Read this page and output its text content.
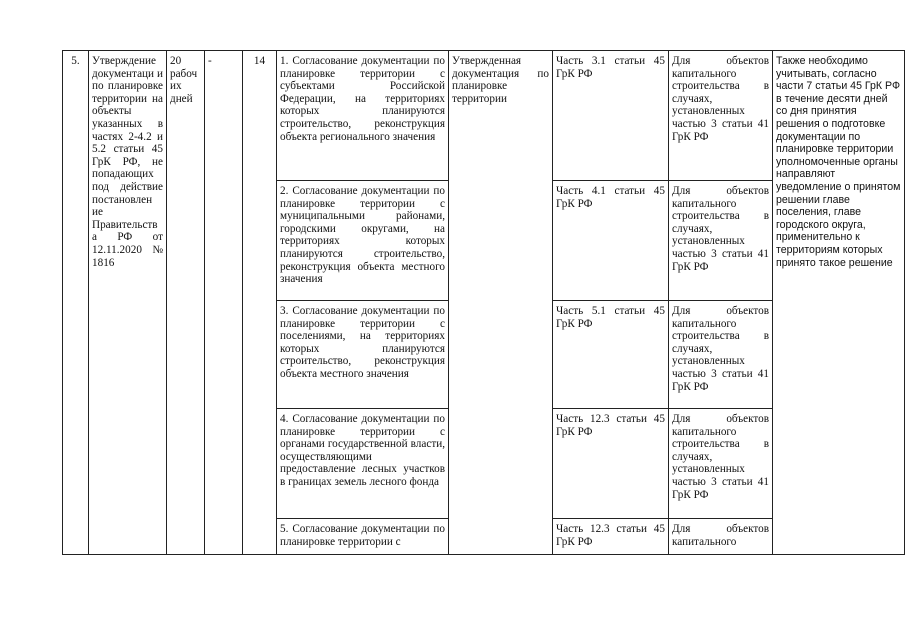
5.	Утверждение документаци и по планировке территории на объекты указанных в частях 2-4.2 и 5.2 статьи 45 ГрК РФ, не попадающих под действие постановлен ие Правительств а РФ от 12.11.2020 № 1816	20 рабоч их дней	-	14	1. Согласование документации по планировке территории с субъектами Российской Федерации, на территориях которых планируются строительство, реконструкция объекта регионального значения	Утвержденная документация по планировке территории	Часть 3.1 статьи 45 ГрК РФ	Для объектов капитального строительства в случаях, установленных частью 3 статьи 41 ГрК РФ	Также необходимо учитывать, согласно части 7 статьи 45 ГрК РФ в течение десяти дней со дня принятия решения о подготовке документации по планировке территории уполномоченные органы направляют уведомление о принятом решении главе поселения, главе городского округа, применительно к территориям которых принято такое решение
					2. Согласование документации по планировке территории с муниципальными районами, городскими округами, на территориях которых планируются строительство, реконструкция объекта местного значения		Часть 4.1 статьи 45 ГрК РФ	Для объектов капитального строительства в случаях, установленных частью 3 статьи 41 ГрК РФ	
					3. Согласование документации по планировке территории с поселениями, на территориях которых планируются строительство, реконструкция объекта местного значения		Часть 5.1 статьи 45 ГрК РФ	Для объектов капитального строительства в случаях, установленных частью 3 статьи 41 ГрК РФ	
					4. Согласование документации по планировке территории с органами государственной власти, осуществляющими предоставление лесных участков в границах земель лесного фонда		Часть 12.3 статьи 45 ГрК РФ	Для объектов капитального строительства в случаях, установленных частью 3 статьи 41 ГрК РФ	
					5. Согласование документации по планировке территории с		Часть 12.3 статьи 45 ГрК РФ	Для объектов капитального	
